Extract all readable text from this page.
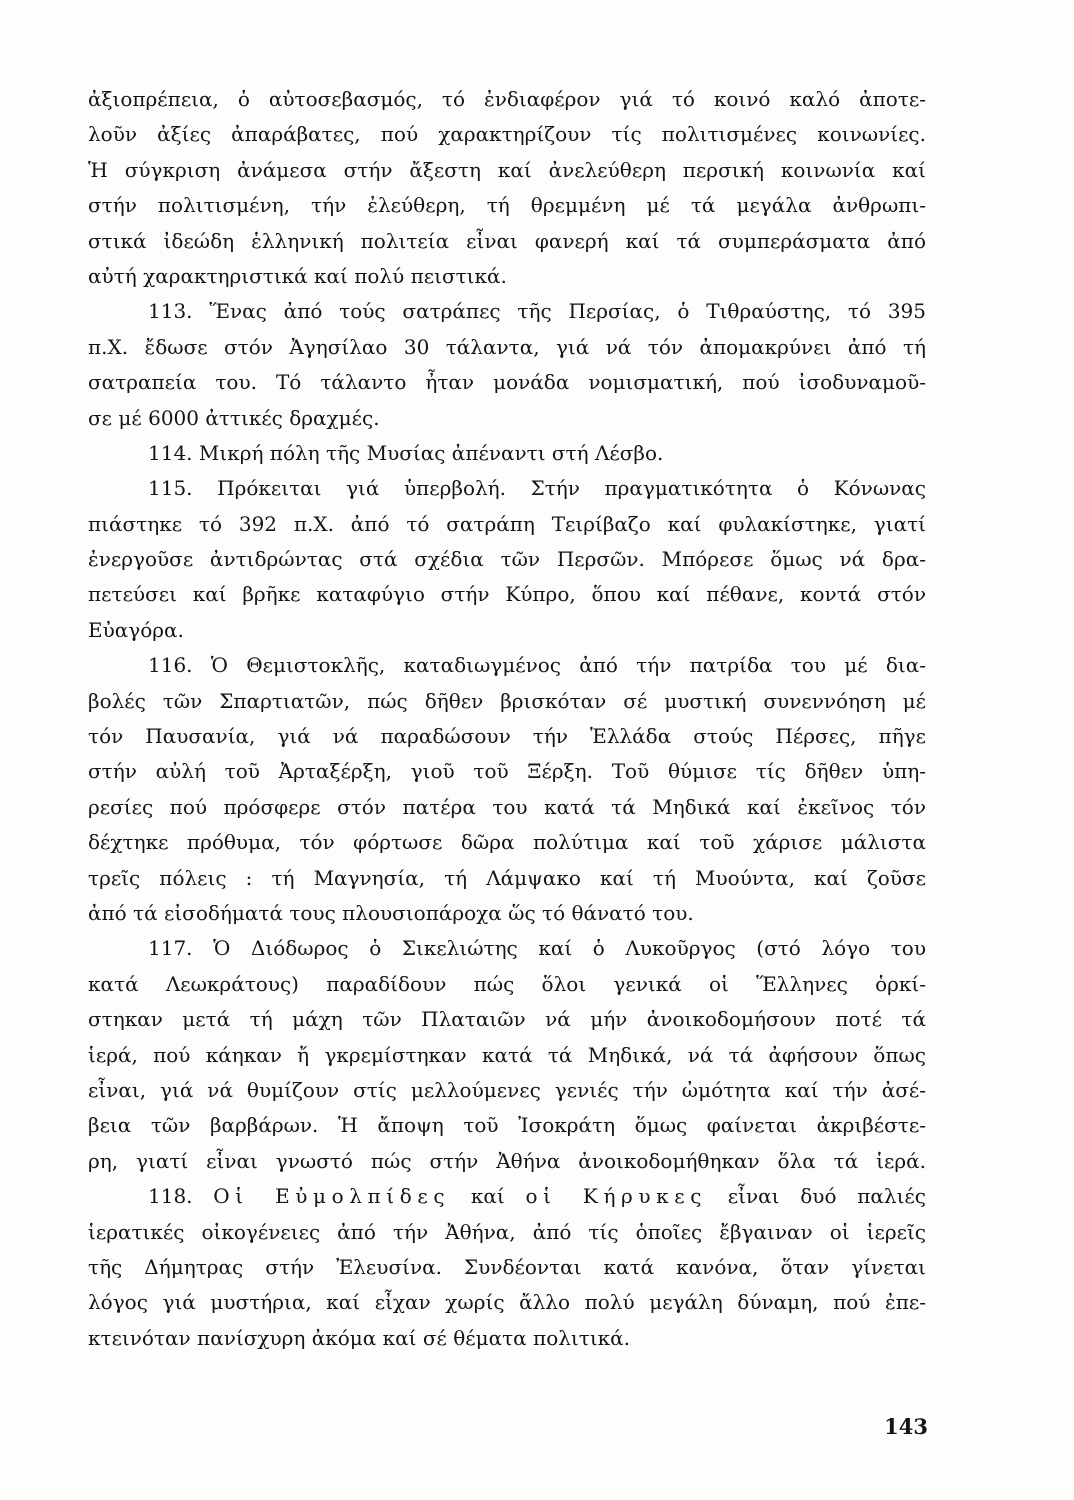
ἀξιοπρέπεια, ὁ αὐτοσεβασμός, τό ἐνδιαφέρον γιά τό κοινό καλό ἀποτε-
λοῦν ἀξίες ἀπαράβατες, πού χαρακτηρίζουν τίς πολιτισμένες κοινωνίες.
Ἡ σύγκριση ἀνάμεσα στήν ἄξεστη καί ἀνελεύθερη περσική κοινωνία καί
στήν πολιτισμένη, τήν ἐλεύθερη, τή θρεμμένη μέ τά μεγάλα ἀνθρωπι-
στικά ἰδεώδη ἑλληνική πολιτεία εἶναι φανερή καί τά συμπεράσματα ἀπό
αὐτή χαρακτηριστικά καί πολύ πειστικά.
113. Ἕνας ἀπό τούς σατράπες τῆς Περσίας, ὁ Τιθραύστης, τό 395
π.Χ. ἔδωσε στόν Ἀγησίλαο 30 τάλαντα, γιά νά τόν ἀπομακρύνει ἀπό τή
σατραπεία του. Τό τάλαντο ἦταν μονάδα νομισματική, πού ἰσοδυναμοῦ-
σε μέ 6000 ἀττικές δραχμές.
114. Μικρή πόλη τῆς Μυσίας ἀπέναντι στή Λέσβο.
115. Πρόκειται γιά ὑπερβολή. Στήν πραγματικότητα ὁ Κόνωνας
πιάστηκε τό 392 π.Χ. ἀπό τό σατράπη Τειρίβαζο καί φυλακίστηκε, γιατί
ἐνεργοῦσε ἀντιδρώντας στά σχέδια τῶν Περσῶν. Μπόρεσε ὅμως νά δρα-
πετεύσει καί βρῆκε καταφύγιο στήν Κύπρο, ὅπου καί πέθανε, κοντά στόν
Εὐαγόρα.
116. Ὁ Θεμιστοκλῆς, καταδιωγμένος ἀπό τήν πατρίδα του μέ δια-
βολές τῶν Σπαρτιατῶν, πώς δῆθεν βρισκόταν σέ μυστική συνεννόηση μέ
τόν Παυσανία, γιά νά παραδώσουν τήν Ἑλλάδα στούς Πέρσες, πῆγε
στήν αὐλή τοῦ Ἀρταξέρξη, γιοῦ τοῦ Ξέρξη. Τοῦ θύμισε τίς δῆθεν ὑπη-
ρεσίες πού πρόσφερε στόν πατέρα του κατά τά Μηδικά καί ἐκεῖνος τόν
δέχτηκε πρόθυμα, τόν φόρτωσε δῶρα πολύτιμα καί τοῦ χάρισε μάλιστα
τρεῖς πόλεις : τή Μαγνησία, τή Λάμψακο καί τή Μυούντα, καί ζοῦσε
ἀπό τά εἰσοδήματά τους πλουσιοπάροχα ὥς τό θάνατό του.
117. Ὁ Διόδωρος ὁ Σικελιώτης καί ὁ Λυκοῦργος (στό λόγο του
κατά Λεωκράτους) παραδίδουν πώς ὅλοι γενικά οἱ Ἕλληνες ὁρκί-
στηκαν μετά τή μάχη τῶν Πλαταιῶν νά μήν ἀνοικοδομήσουν ποτέ τά
ἱερά, πού κάηκαν ἤ γκρεμίστηκαν κατά τά Μηδικά, νά τά ἀφήσουν ὅπως
εἶναι, γιά νά θυμίζουν στίς μελλούμενες γενιές τήν ὠμότητα καί τήν ἀσέ-
βεια τῶν βαρβάρων. Ἡ ἄποψη τοῦ Ἰσοκράτη ὅμως φαίνεται ἀκριβέστε-
ρη, γιατί εἶναι γνωστό πώς στήν Ἀθήνα ἀνοικοδομήθηκαν ὅλα τά ἱερά.
118. Οἱ Εὐμολπίδες καί οἱ Κήρυκες εἶναι δυό παλιές
ἱερατικές οἰκογένειες ἀπό τήν Ἀθήνα, ἀπό τίς ὁποῖες ἔβγαιναν οἱ ἱερεῖς
τῆς Δήμητρας στήν Ἐλευσίνα. Συνδέονται κατά κανόνα, ὅταν γίνεται
λόγος γιά μυστήρια, καί εἶχαν χωρίς ἄλλο πολύ μεγάλη δύναμη, πού ἐπε-
κτεινόταν πανίσχυρη ἀκόμα καί σέ θέματα πολιτικά.
143
